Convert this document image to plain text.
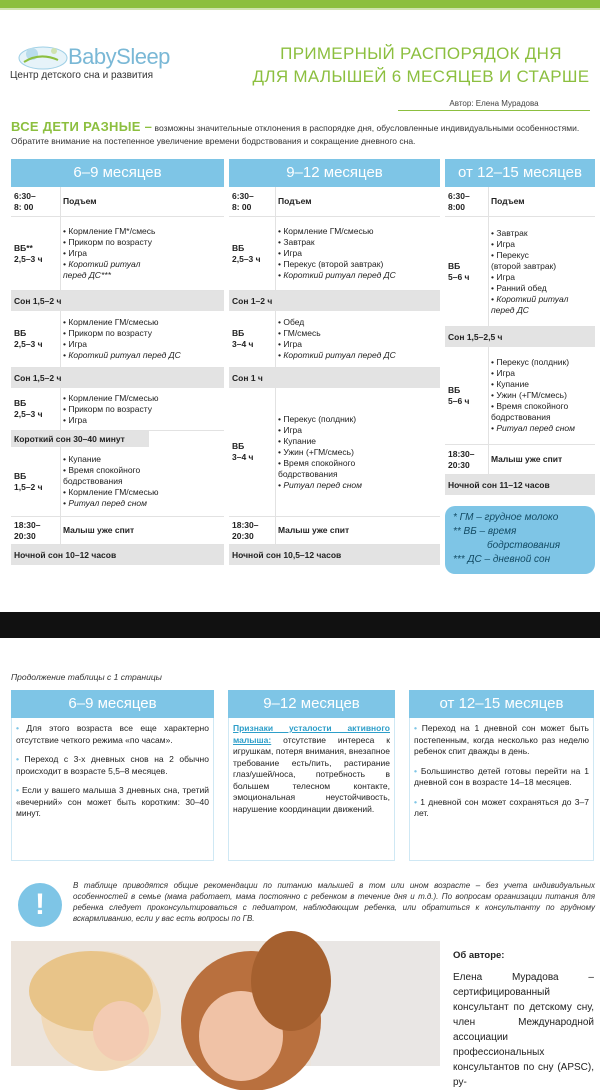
BabySleep
Центр детского сна и развития
ПРИМЕРНЫЙ РАСПОРЯДОК ДНЯ
ДЛЯ МАЛЫШЕЙ 6 МЕСЯЦЕВ И СТАРШЕ
Автор: Елена Мурадова
ВСЕ ДЕТИ РАЗНЫЕ – возможны значительные отклонения в распорядке дня, обусловленные индивидуальными особенностями. Обратите внимание на постепенное увеличение времени бодрствования и сокращение дневного сна.
6–9 месяцев
6:30–
8: 00
Подъем
ВБ**
2,5–3 ч
• Кормление ГМ*/смесь
• Прикорм по возрасту
• Игра
• Короткий ритуал
перед ДС***
Сон 1,5–2 ч
ВБ
2,5–3 ч
• Кормление ГМ/смесью
• Прикорм по возрасту
• Игра
• Короткий ритуал перед ДС
Сон 1,5–2 ч
ВБ
2,5–3 ч
• Кормление ГМ/смесью
• Прикорм по возрасту
• Игра
Короткий сон 30–40 минут
ВБ
1,5–2 ч
• Купание
• Время спокойного
бодрствования
• Кормление ГМ/смесью
• Ритуал перед сном
18:30–
20:30
Малыш уже спит
Ночной сон 10–12 часов
9–12 месяцев
6:30–
8: 00
Подъем
ВБ
2,5–3 ч
• Кормление ГМ/смесью
• Завтрак
• Игра
• Перекус (второй завтрак)
• Короткий ритуал перед ДС
Сон 1–2 ч
ВБ
3–4 ч
• Обед
• ГМ/смесь
• Игра
• Короткий ритуал перед ДС
Сон 1 ч
ВБ
3–4 ч
• Перекус (полдник)
• Игра
• Купание
• Ужин (+ГМ/смесь)
• Время спокойного
бодрствования
• Ритуал перед сном
18:30–
20:30
Малыш уже спит
Ночной сон 10,5–12 часов
от 12–15 месяцев
6:30–
8:00
Подъем
ВБ
5–6 ч
• Завтрак
• Игра
• Перекус
(второй завтрак)
• Игра
• Ранний обед
• Короткий ритуал
перед ДС
Сон 1,5–2,5 ч
ВБ
5–6 ч
• Перекус (полдник)
• Игра
• Купание
• Ужин (+ГМ/смесь)
• Время спокойного
бодрствования
• Ритуал перед сном
18:30–
20:30
Малыш уже спит
Ночной сон 11–12 часов
* ГМ – грудное молоко
** ВБ – время
бодрствования
*** ДС – дневной сон
Продолжение таблицы с 1 страницы
6–9 месяцев
• Для этого возраста все еще характерно отсутствие четкого режима «по часам».
• Переход с 3-х дневных снов на 2 обычно происходит в возрасте 5,5–8 месяцев.
• Если у вашего малыша 3 дневных сна, третий «вечерний» сон может быть коротким: 30–40 минут.
9–12 месяцев
Признаки усталости активного малыша: отсутствие интереса к игрушкам, потеря внимания, внезапное требование есть/пить, растирание глаз/ушей/носа, потребность в большем телесном контакте, эмоциональная неустойчивость, нарушение координации движений.
от 12–15 месяцев
• Переход на 1 дневной сон может быть постепенным, когда несколько раз неделю ребенок спит дважды в день.
• Большинство детей готовы перейти на 1 дневной сон в возрасте 14–18 месяцев.
• 1 дневной сон может сохраняться до 3–7 лет.
!
В таблице приводятся общие рекомендации по питанию малышей в том или ином возрасте – без учета индивидуальных особенностей в семье (мама работает, мама постоянно с ребенком в течение дня и т.д.). По вопросам организации питания для ребенка следует проконсультироваться с педиатром, наблюдающим ребенка, или обратиться к консультанту по грудному вскармливанию, если у вас есть вопросы по ГВ.
Об авторе:
Елена Мурадова – сертифицированный консультант по детскому сну, член Международной ассоциации профессиональных консультантов по сну (APSC), ру-
